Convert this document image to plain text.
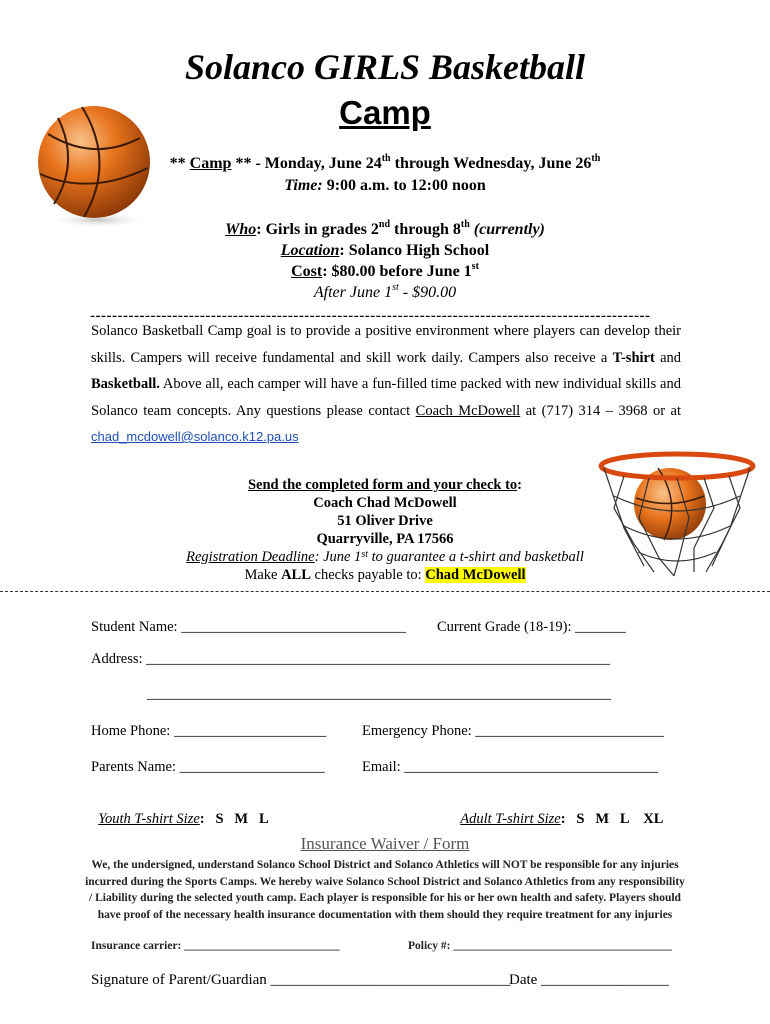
Solanco GIRLS Basketball
Camp
** Camp ** - Monday, June 24th through Wednesday, June 26th
Time: 9:00 a.m. to 12:00 noon
Who: Girls in grades 2nd through 8th (currently)
Location: Solanco High School
Cost: $80.00 before June 1st
After June 1st - $90.00
------------------------------------------------------------------------------------------------------
Solanco Basketball Camp goal is to provide a positive environment where players can develop their skills. Campers will receive fundamental and skill work daily. Campers also receive a T-shirt and Basketball. Above all, each camper will have a fun-filled time packed with new individual skills and Solanco team concepts. Any questions please contact Coach McDowell at (717) 314 – 3968 or at chad_mcdowell@solanco.k12.pa.us
Send the completed form and your check to:
Coach Chad McDowell
51 Oliver Drive
Quarryville, PA 17566
Registration Deadline: June 1st to guarantee a t-shirt and basketball
Make ALL checks payable to: Chad McDowell
Student Name: _______________________________ Current Grade (18-19): _______
Address: ________________________________________________________________
________________________________________________________________
Home Phone: _____________________ Emergency Phone: __________________________
Parents Name: ____________________	Email: ___________________________________

Youth T-shirt Size:   S   M   L	Adult T-shirt Size:   S   M   L    XL

Insurance Waiver / Form
We, the undersigned, understand Solanco School District and Solanco Athletics will NOT be responsible for any injuries incurred during the Sports Camps. We hereby waive Solanco School District and Solanco Athletics from any responsibility / Liability during the selected youth camp. Each player is responsible for his or her own health and safety. Players should have proof of the necessary health insurance documentation with them should they require treatment for any injuries
Insurance carrier: ___________________________	Policy #: ______________________________________
Signature of Parent/Guardian ________________________________
Date _________________
